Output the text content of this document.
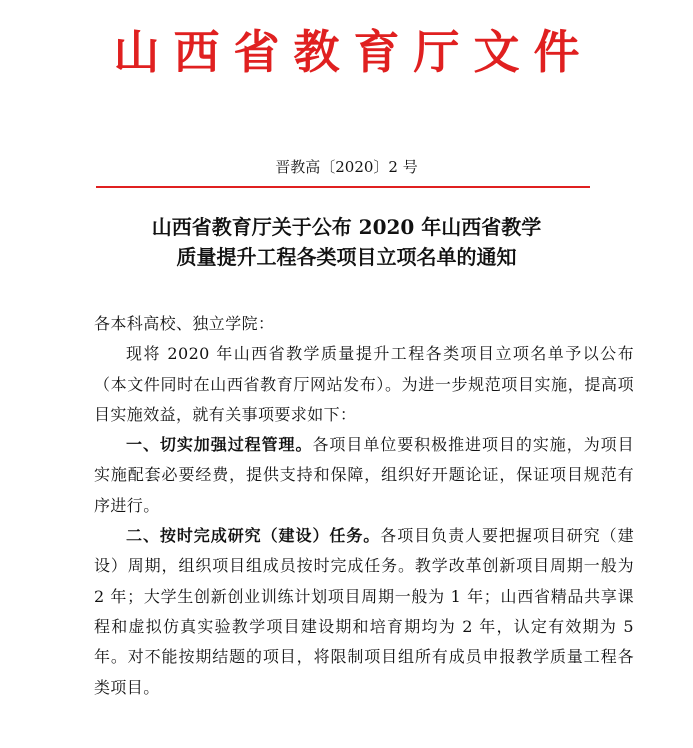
山西省教育厅文件
晋教高〔2020〕2 号
山西省教育厅关于公布 2020 年山西省教学
质量提升工程各类项目立项名单的通知

各本科高校、独立学院：

现将 2020 年山西省教学质量提升工程各类项目立项名单予以公布（本文件同时在山西省教育厅网站发布）。为进一步规范项目实施，提高项目实施效益，就有关事项要求如下：

一、切实加强过程管理。各项目单位要积极推进项目的实施，为项目实施配套必要经费，提供支持和保障，组织好开题论证，保证项目规范有序进行。

二、按时完成研究（建设）任务。各项目负责人要把握项目研究（建设）周期，组织项目组成员按时完成任务。教学改革创新项目周期一般为 2 年；大学生创新创业训练计划项目周期一般为 1 年；山西省精品共享课程和虚拟仿真实验教学项目建设期和培育期均为 2 年，认定有效期为 5 年。对不能按期结题的项目，将限制项目组所有成员申报教学质量工程各类项目。
